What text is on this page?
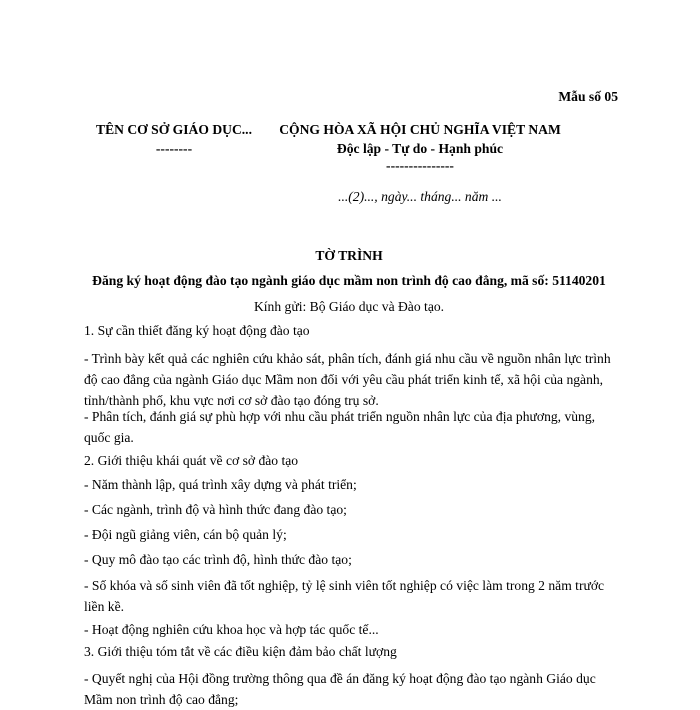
Mẫu số 05
TÊN CƠ SỞ GIÁO DỤC...
--------
CỘNG HÒA XÃ HỘI CHỦ NGHĨA VIỆT NAM
Độc lập - Tự do - Hạnh phúc
---------------
...(2)..., ngày... tháng... năm ...
TỜ TRÌNH
Đăng ký hoạt động đào tạo ngành giáo dục mầm non trình độ cao đẳng, mã số: 51140201
Kính gửi: Bộ Giáo dục và Đào tạo.
1. Sự cần thiết đăng ký hoạt động đào tạo
- Trình bày kết quả các nghiên cứu khảo sát, phân tích, đánh giá nhu cầu về nguồn nhân lực trình độ cao đẳng của ngành Giáo dục Mầm non đối với yêu cầu phát triển kinh tế, xã hội của ngành, tỉnh/thành phố, khu vực nơi cơ sở đào tạo đóng trụ sở.
- Phân tích, đánh giá sự phù hợp với nhu cầu phát triển nguồn nhân lực của địa phương, vùng, quốc gia.
2. Giới thiệu khái quát về cơ sở đào tạo
- Năm thành lập, quá trình xây dựng và phát triển;
- Các ngành, trình độ và hình thức đang đào tạo;
- Đội ngũ giảng viên, cán bộ quản lý;
- Quy mô đào tạo các trình độ, hình thức đào tạo;
- Số khóa và số sinh viên đã tốt nghiệp, tỷ lệ sinh viên tốt nghiệp có việc làm trong 2 năm trước liền kề.
- Hoạt động nghiên cứu khoa học và hợp tác quốc tế...
3. Giới thiệu tóm tắt về các điều kiện đảm bảo chất lượng
- Quyết nghị của Hội đồng trường thông qua đề án đăng ký hoạt động đào tạo ngành Giáo dục Mầm non trình độ cao đẳng;
